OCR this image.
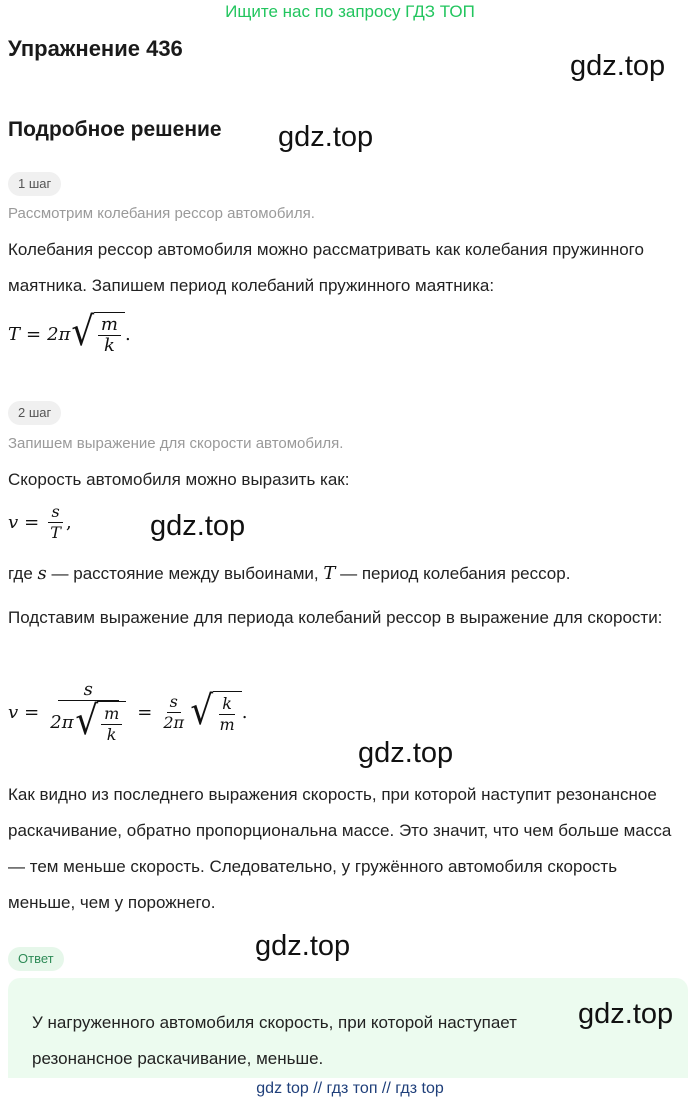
Ищите нас по запросу ГДЗ ТОП
Упражнение 436
gdz.top
Подробное решение gdz.top
1 шаг
Рассмотрим колебания рессор автомобиля.
Колебания рессор автомобиля можно рассматривать как колебания пружинного маятника. Запишем период колебаний пружинного маятника:
T = 2π √ $\frac{m}{k}$ .
2 шаг
Запишем выражение для скорости автомобиля.
Скорость автомобиля можно выразить как:
$v = \frac{s}{T}$ ,	gdz.top
где s — расстояние между выбоинами, T — период колебания рессор.
Подставим выражение для периода колебаний рессор в выражение для скорости:
v =
s
2π √ $\frac{m}{k} = \frac{s}{2\pi}$ √ $\frac{k}{m}$ .
gdz.top
Как видно из последнего выражения скорость, при которой наступит резонансное раскачивание, обратно пропорциональна массе. Это значит, что чем больше масса — тем меньше скорость. Следовательно, у гружённого автомобиля скорость меньше, чем у порожнего.
gdz.top
Ответ
У нагруженного автомобиля скорость, при которой наступает резонансное раскачивание, меньше.
gdz.top
gdz top // гдз топ // гдз top
